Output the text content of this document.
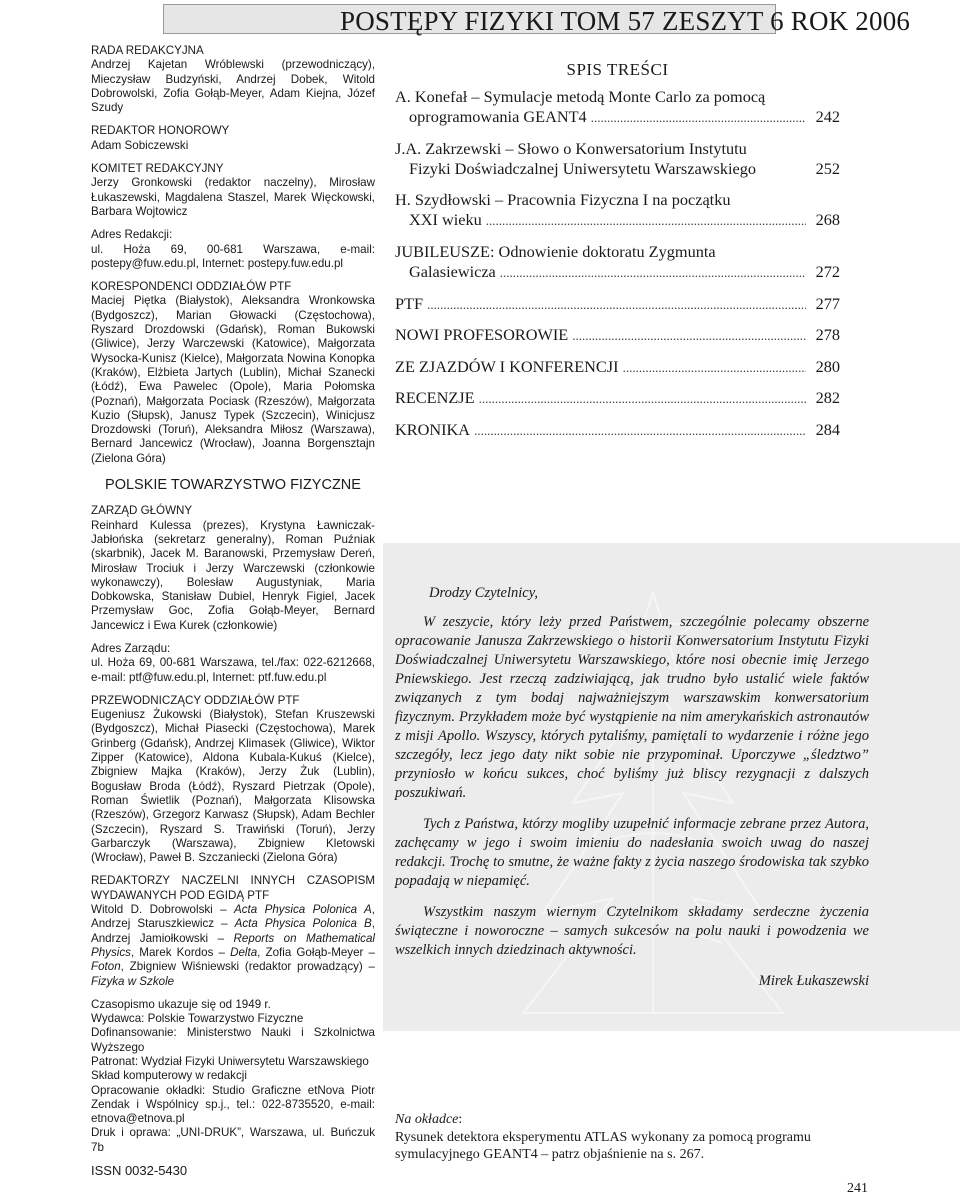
POSTĘPY FIZYKI TOM 57 ZESZYT 6 ROK 2006

RADA REDAKCYJNA

Andrzej Kajetan Wróblewski (przewodniczący), Mieczysław Budzyński, Andrzej Dobek, Witold Dobrowolski, Zofia Gołąb-Meyer, Adam Kiejna, Józef Szudy

REDAKTOR HONOROWY

Adam Sobiczewski

KOMITET REDAKCYJNY

Jerzy Gronkowski (redaktor naczelny), Mirosław Łukaszewski, Magdalena Staszel, Marek Więckowski, Barbara Wojtowicz

Adres Redakcji:

ul. Hoża 69, 00-681 Warszawa, e-mail: postepy@fuw.edu.pl, Internet: postepy.fuw.edu.pl

KORESPONDENCI ODDZIAŁÓW PTF

Maciej Piętka (Białystok), Aleksandra Wronkowska (Bydgoszcz), Marian Głowacki (Częstochowa), Ryszard Drozdowski (Gdańsk), Roman Bukowski (Gliwice), Jerzy Warczewski (Katowice), Małgorzata Wysocka-Kunisz (Kielce), Małgorzata Nowina Konopka (Kraków), Elżbieta Jartych (Lublin), Michał Szanecki (Łódź), Ewa Pawelec (Opole), Maria Połomska (Poznań), Małgorzata Pociask (Rzeszów), Małgorzata Kuzio (Słupsk), Janusz Typek (Szczecin), Winicjusz Drozdowski (Toruń), Aleksandra Miłosz (Warszawa), Bernard Jancewicz (Wrocław), Joanna Borgensztajn (Zielona Góra)

POLSKIE TOWARZYSTWO FIZYCZNE

ZARZĄD GŁÓWNY

Reinhard Kulessa (prezes), Krystyna Ławniczak-Jabłońska (sekretarz generalny), Roman Puźniak (skarbnik), Jacek M. Baranowski, Przemysław Dereń, Mirosław Trociuk i Jerzy Warczewski (członkowie wykonawczy), Bolesław Augustyniak, Maria Dobkowska, Stanisław Dubiel, Henryk Figiel, Jacek Przemysław Goc, Zofia Gołąb-Meyer, Bernard Jancewicz i Ewa Kurek (członkowie)

Adres Zarządu:

ul. Hoża 69, 00-681 Warszawa, tel./fax: 022-6212668, e-mail: ptf@fuw.edu.pl, Internet: ptf.fuw.edu.pl

PRZEWODNICZĄCY ODDZIAŁÓW PTF

Eugeniusz Żukowski (Białystok), Stefan Kruszewski (Bydgoszcz), Michał Piasecki (Częstochowa), Marek Grinberg (Gdańsk), Andrzej Klimasek (Gliwice), Wiktor Zipper (Katowice), Aldona Kubala-Kukuś (Kielce), Zbigniew Majka (Kraków), Jerzy Żuk (Lublin), Bogusław Broda (Łódź), Ryszard Pietrzak (Opole), Roman Świetlik (Poznań), Małgorzata Klisowska (Rzeszów), Grzegorz Karwasz (Słupsk), Adam Bechler (Szczecin), Ryszard S. Trawiński (Toruń), Jerzy Garbarczyk (Warszawa), Zbigniew Kletowski (Wrocław), Paweł B. Szczaniecki (Zielona Góra)

REDAKTORZY NACZELNI INNYCH CZASOPISM WYDAWANYCH POD EGIDĄ PTF

Witold D. Dobrowolski – Acta Physica Polonica A, Andrzej Staruszkiewicz – Acta Physica Polonica B, Andrzej Jamiołkowski – Reports on Mathematical Physics, Marek Kordos – Delta, Zofia Gołąb-Meyer – Foton, Zbigniew Wiśniewski (redaktor prowadzący) – Fizyka w Szkole

Czasopismo ukazuje się od 1949 r.

Wydawca: Polskie Towarzystwo Fizyczne

Dofinansowanie: Ministerstwo Nauki i Szkolnictwa Wyższego

Patronat: Wydział Fizyki Uniwersytetu Warszawskiego

Skład komputerowy w redakcji

Opracowanie okładki: Studio Graficzne etNova Piotr Zendak i Wspólnicy sp.j., tel.: 022-8735520, e-mail: etnova@etnova.pl

Druk i oprawa: „UNI-DRUK”, Warszawa, ul. Buńczuk 7b

ISSN 0032-5430

SPIS TREŚCI
A. Konefał – Symulacje metodą Monte Carlo za pomocą
oprogramowania GEANT4 .....	242
J.A. Zakrzewski – Słowo o Konwersatorium Instytutu
Fizyki Doświadczalnej Uniwersytetu Warszawskiego	252
H. Szydłowski – Pracownia Fizyczna I na początku
XXI wieku .....	268
JUBILEUSZE: Odnowienie doktoratu Zygmunta
Galasiewicza .....	272
PTF .....	277
NOWI PROFESOROWIE .....	278
ZE ZJAZDÓW I KONFERENCJI .....	280
RECENZJE .....	282
KRONIKA .....	284
Drodzy Czytelnicy,

W zeszycie, który leży przed Państwem, szczególnie polecamy obszerne opracowanie Janusza Zakrzewskiego o historii Konwersatorium Instytutu Fizyki Doświadczalnej Uniwersytetu Warszawskiego, które nosi obecnie imię Jerzego Pniewskiego. Jest rzeczą zadziwiającą, jak trudno było ustalić wiele faktów związanych z tym bodaj najważniejszym warszawskim konwersatorium fizycznym. Przykładem może być wystąpienie na nim amerykańskich astronautów z misji Apollo. Wszyscy, których pytaliśmy, pamiętali to wydarzenie i różne jego szczegóły, lecz jego daty nikt sobie nie przypominał. Uporczywe „śledztwo” przyniosło w końcu sukces, choć byliśmy już bliscy rezygnacji z dalszych poszukiwań.

Tych z Państwa, którzy mogliby uzupełnić informacje zebrane przez Autora, zachęcamy w jego i swoim imieniu do nadesłania swoich uwag do naszej redakcji. Trochę to smutne, że ważne fakty z życia naszego środowiska tak szybko popadają w niepamięć.

Wszystkim naszym wiernym Czytelnikom składamy serdeczne życzenia świąteczne i noworoczne – samych sukcesów na polu nauki i powodzenia we wszelkich innych dziedzinach aktywności.

Mirek Łukaszewski
Na okładce:
Rysunek detektora eksperymentu ATLAS wykonany za pomocą programu symulacyjnego GEANT4 – patrz objaśnienie na s. 267.
241
